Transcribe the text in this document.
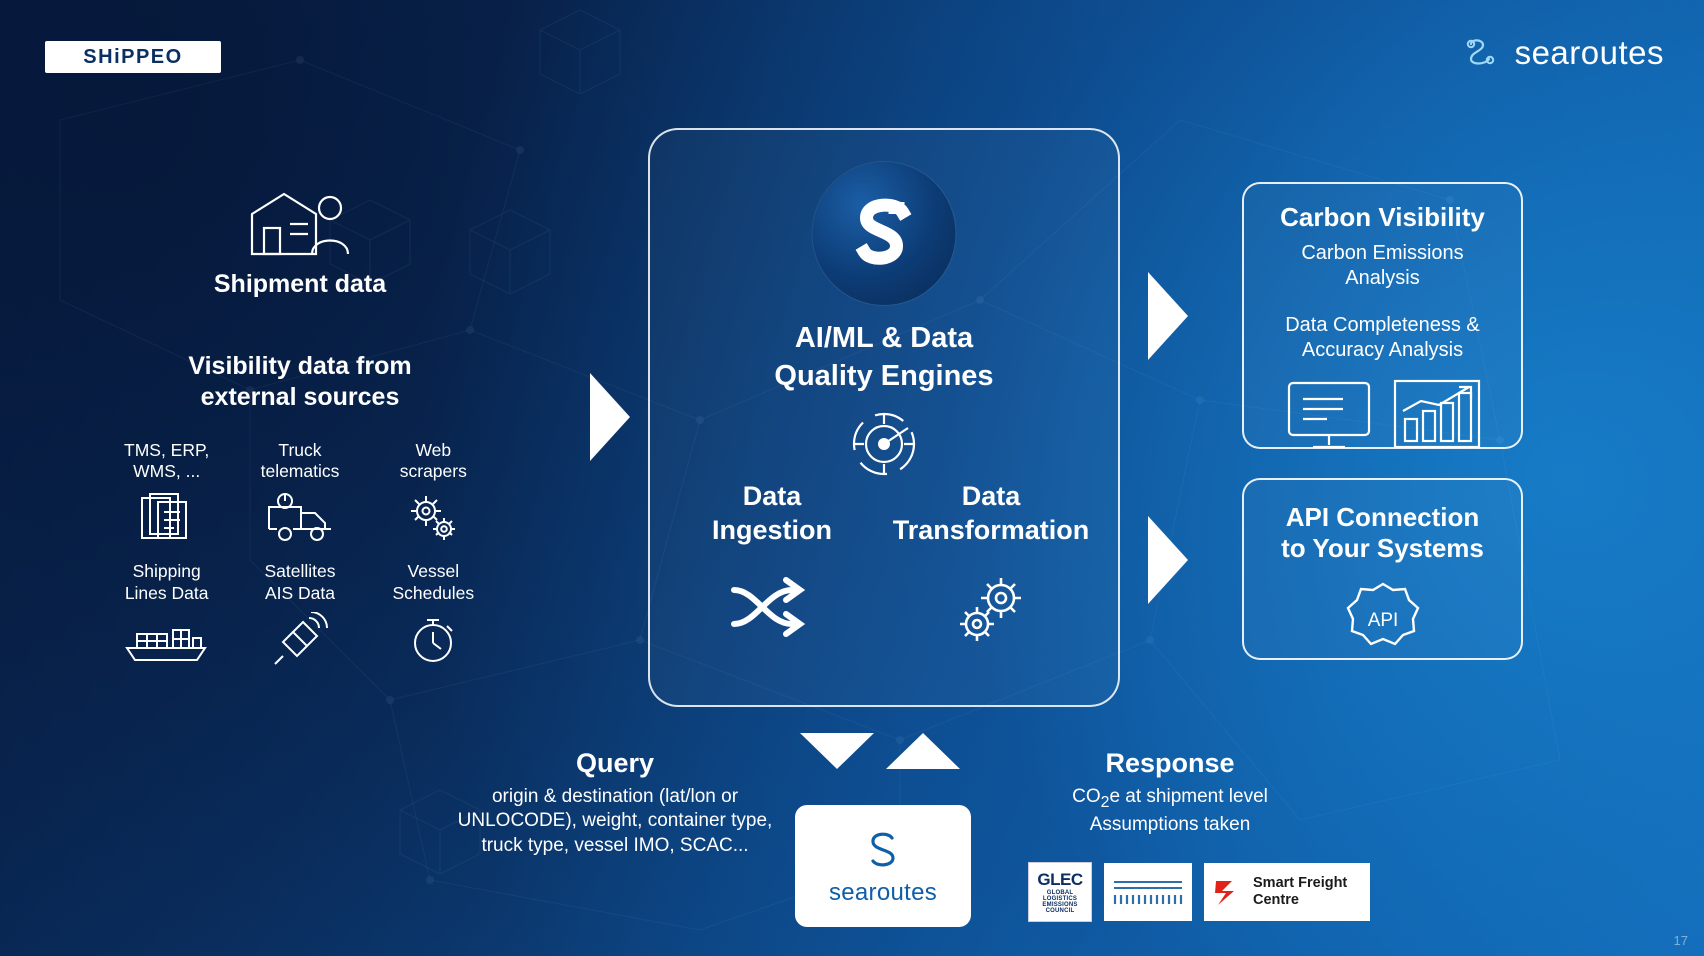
SHiPPEO	searoutes

Shipment data

Visibility data from
external sources

TMS, ERP,
WMS, ...
Truck
telematics
Web
scrapers
Shipping
Lines Data
Satellites
AIS Data
Vessel
Schedules
AI/ML & Data
Quality Engines
Data
Ingestion
Data
Transformation
Carbon Visibility
Carbon Emissions
Analysis
Data Completeness &
Accuracy Analysis
API Connection
to Your Systems
API
searoutes

Query

origin & destination (lat/lon or UNLOCODE), weight, container type, truck type, vessel IMO, SCAC...

Response

$CO_2e$ at shipment level
Assumptions taken

GLEC
GLOBAL
LOGISTICS
EMISSIONS
COUNCIL
Smart Freight
Centre
17
